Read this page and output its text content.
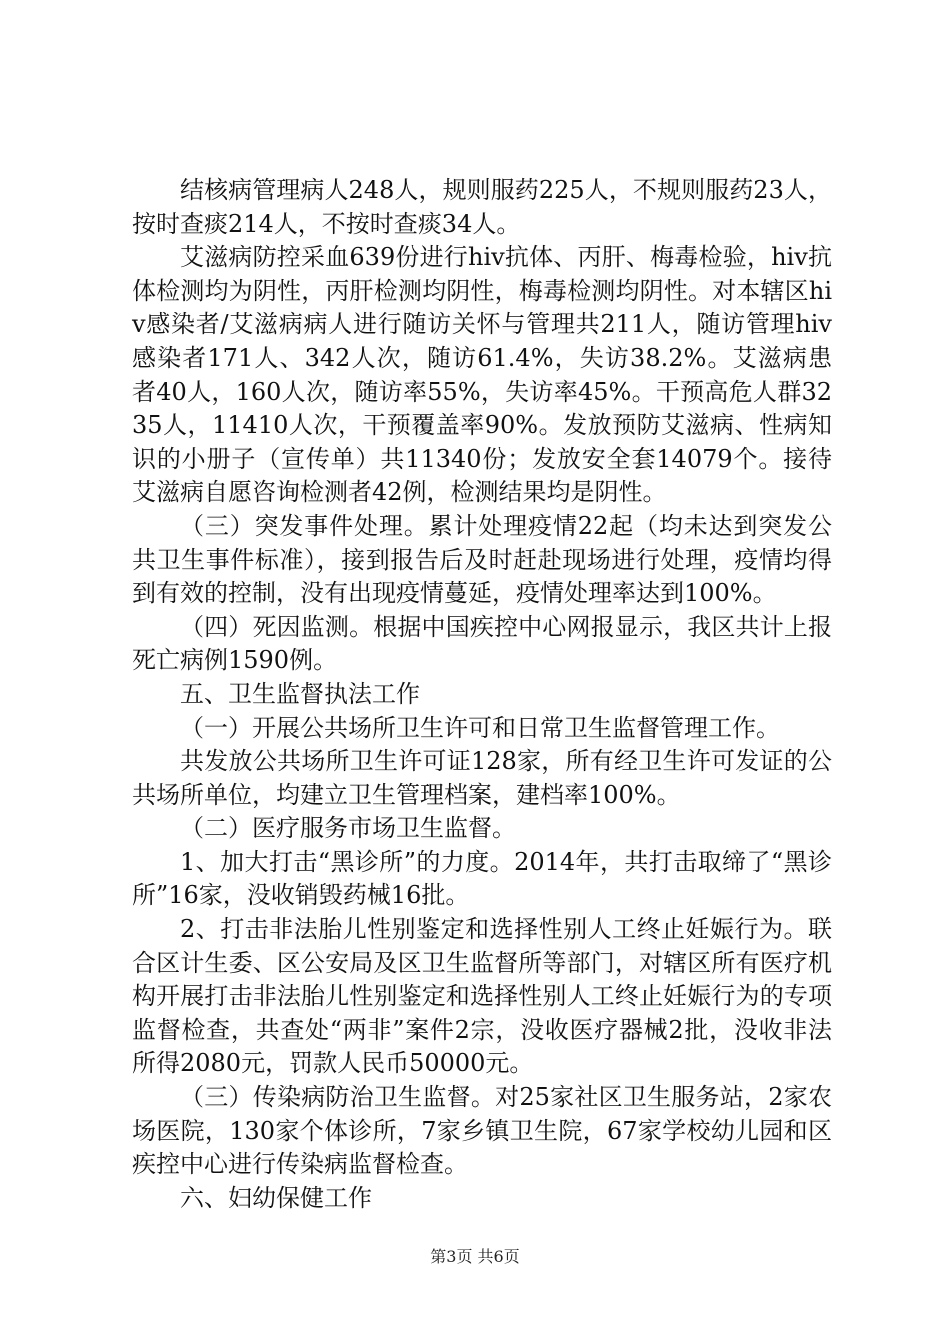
结核病管理病人248人，规则服药225人，不规则服药23人，按时查痰214人，不按时查痰34人。

艾滋病防控采血639份进行hiv抗体、丙肝、梅毒检验，hiv抗体检测均为阴性，丙肝检测均阴性，梅毒检测均阴性。对本辖区hiv感染者/艾滋病病人进行随访关怀与管理共211人，随访管理hiv感染者171人、342人次，随访61.4%，失访38.2%。艾滋病患者40人，160人次，随访率55%，失访率45%。干预高危人群3235人，11410人次，干预覆盖率90%。发放预防艾滋病、性病知识的小册子（宣传单）共11340份；发放安全套14079个。接待艾滋病自愿咨询检测者42例，检测结果均是阴性。

（三）突发事件处理。累计处理疫情22起（均未达到突发公共卫生事件标准），接到报告后及时赶赴现场进行处理，疫情均得到有效的控制，没有出现疫情蔓延，疫情处理率达到100%。

（四）死因监测。根据中国疾控中心网报显示，我区共计上报死亡病例1590例。

五、卫生监督执法工作

（一）开展公共场所卫生许可和日常卫生监督管理工作。

共发放公共场所卫生许可证128家，所有经卫生许可发证的公共场所单位，均建立卫生管理档案，建档率100%。

（二）医疗服务市场卫生监督。

1、加大打击“黑诊所”的力度。2014年，共打击取缔了“黑诊所”16家，没收销毁药械16批。

2、打击非法胎儿性别鉴定和选择性别人工终止妊娠行为。联合区计生委、区公安局及区卫生监督所等部门，对辖区所有医疗机构开展打击非法胎儿性别鉴定和选择性别人工终止妊娠行为的专项监督检查，共查处“两非”案件2宗，没收医疗器械2批，没收非法所得2080元，罚款人民币50000元。

（三）传染病防治卫生监督。对25家社区卫生服务站，2家农场医院，130家个体诊所，7家乡镇卫生院，67家学校幼儿园和区疾控中心进行传染病监督检查。

六、妇幼保健工作

第3页 共6页
